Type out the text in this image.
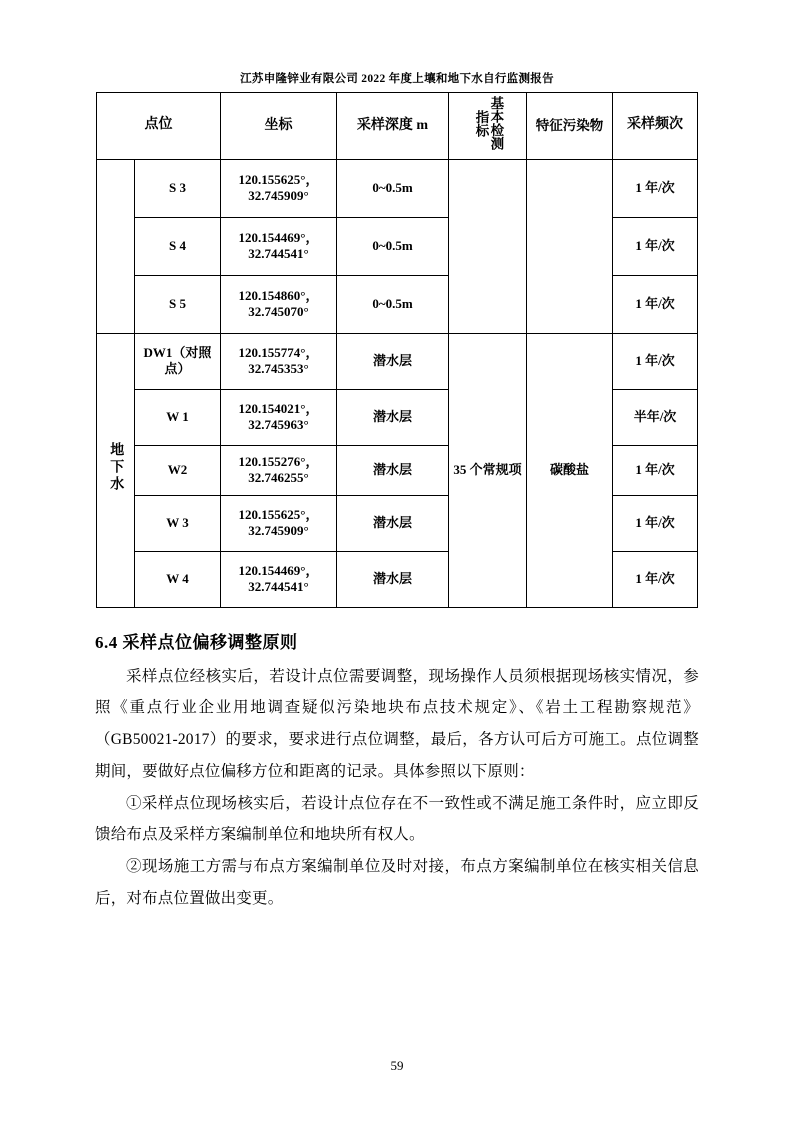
江苏申隆锌业有限公司 2022 年度上壤和地下水自行监测报告
点位		坐标	采样深度 m	基本检测指标	特征污染物	采样频次
	S 3	120.155625°，32.745909°	0~0.5m			1 年/次
	S 4	120.154469°，32.744541°	0~0.5m			1 年/次
	S 5	120.154860°，32.745070°	0~0.5m			1 年/次
地下水	DW1（对照点）	120.155774°，32.745353°	潜水层	35 个常规项	碳酸盐	1 年/次
	W 1	120.154021°，32.745963°	潜水层			半年/次
	W2	120.155276°，32.746255°	潜水层			1 年/次
	W 3	120.155625°，32.745909°	潜水层			1 年/次
	W 4	120.154469°，32.744541°	潜水层			1 年/次
6.4 采样点位偏移调整原则

采样点位经核实后，若设计点位需要调整，现场操作人员须根据现场核实情况，参照《重点行业企业用地调查疑似污染地块布点技术规定》、《岩土工程勘察规范》（GB50021-2017）的要求，要求进行点位调整，最后，各方认可后方可施工。点位调整期间，要做好点位偏移方位和距离的记录。具体参照以下原则：

①采样点位现场核实后，若设计点位存在不一致性或不满足施工条件时，应立即反馈给布点及采样方案编制单位和地块所有权人。

②现场施工方需与布点方案编制单位及时对接，布点方案编制单位在核实相关信息后，对布点位置做出变更。

59
